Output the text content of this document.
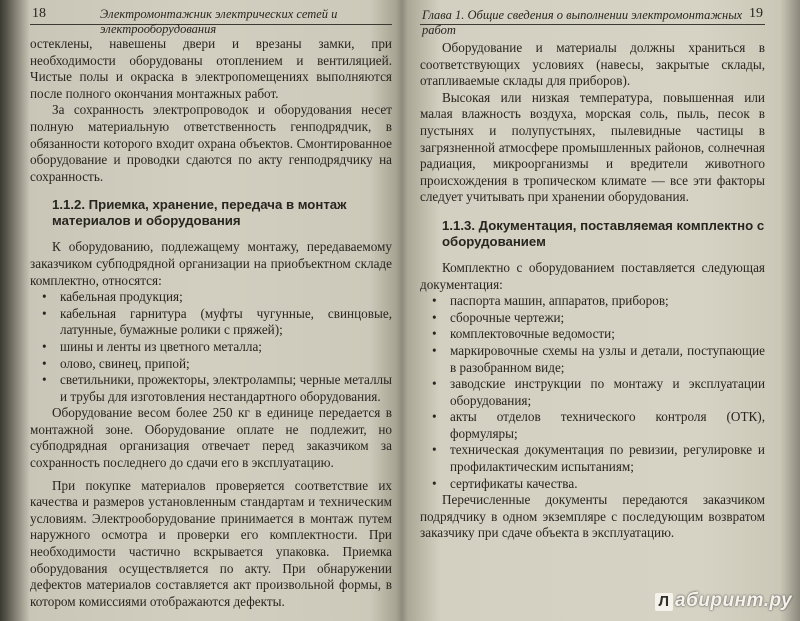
18	Электромонтажник электрических сетей и электрооборудования

остеклены, навешены двери и врезаны замки, при необходимости оборудованы отоплением и вентиляцией. Чистые полы и окраска в электропомещениях выполняются после полного окончания монтажных работ.

За сохранность электропроводок и оборудования несет полную материальную ответственность генподрядчик, в обязанности которого входит охрана объектов. Смонтированное оборудование и проводки сдаются по акту генподрядчику на сохранность.

1.1.2. Приемка, хранение, передача в монтаж материалов и оборудования

К оборудованию, подлежащему монтажу, передаваемому заказчиком субподрядной организации на приобъектном складе комплектно, относятся:

• кабельная продукция;
• кабельная гарнитура (муфты чугунные, свинцовые, латунные, бумажные ролики с пряжей);
• шины и ленты из цветного металла;
• олово, свинец, припой;
• светильники, прожекторы, электролампы; черные металлы и трубы для изготовления нестандартного оборудования.

Оборудование весом более 250 кг в единице передается в монтажной зоне. Оборудование оплате не подлежит, но субподрядная организация отвечает перед заказчиком за сохранность последнего до сдачи его в эксплуатацию.

При покупке материалов проверяется соответствие их качества и размеров установленным стандартам и техническим условиям. Электрооборудование принимается в монтаж путем наружного осмотра и проверки его комплектности. При необходимости частично вскрывается упаковка. Приемка оборудования осуществляется по акту. При обнаружении дефектов материалов составляется акт произвольной формы, в котором комиссиями отображаются дефекты.

Глава 1. Общие сведения о выполнении электромонтажных работ
19

Оборудование и материалы должны храниться в соответствующих условиях (навесы, закрытые склады, отапливаемые склады для приборов).

Высокая или низкая температура, повышенная или малая влажность воздуха, морская соль, пыль, песок в пустынях и полупустынях, пылевидные частицы в загрязненной атмосфере промышленных районов, солнечная радиация, микроорганизмы и вредители животного происхождения в тропическом климате — все эти факторы следует учитывать при хранении оборудования.

1.1.3. Документация, поставляемая комплектно с оборудованием

Комплектно с оборудованием поставляется следующая документация:

• паспорта машин, аппаратов, приборов;
• сборочные чертежи;
• комплектовочные ведомости;
• маркировочные схемы на узлы и детали, поступающие в разобранном виде;
• заводские инструкции по монтажу и эксплуатации оборудования;
• акты отделов технического контроля (ОТК), формуляры;
• техническая документация по ревизии, регулировке и профилактическим испытаниям;
• сертификаты качества.

Перечисленные документы передаются заказчиком подрядчику в одном экземпляре с последующим возвратом заказчику при сдаче объекта в эксплуатацию.

Л абиринт.ру
